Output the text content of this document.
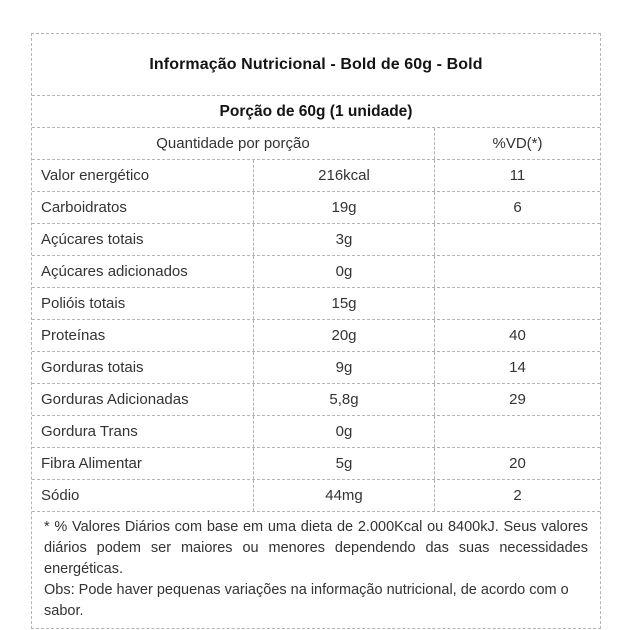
Informação Nutricional - Bold de 60g - Bold
Porção de 60g (1 unidade)
Quantidade por porção	%VD(*)
Valor energético	216kcal	11
Carboidratos	19g	6
Açúcares totais	3g
Açúcares adicionados	0g
Polióis totais	15g
Proteínas	20g	40
Gorduras totais	9g	14
Gorduras Adicionadas	5,8g	29
Gordura Trans	0g
Fibra Alimentar	5g	20
Sódio	44mg	2

* % Valores Diários com base em uma dieta de 2.000Kcal ou 8400kJ. Seus valores diários podem ser maiores ou menores dependendo das suas necessidades energéticas.

Obs: Pode haver pequenas variações na informação nutricional, de acordo com o sabor.
